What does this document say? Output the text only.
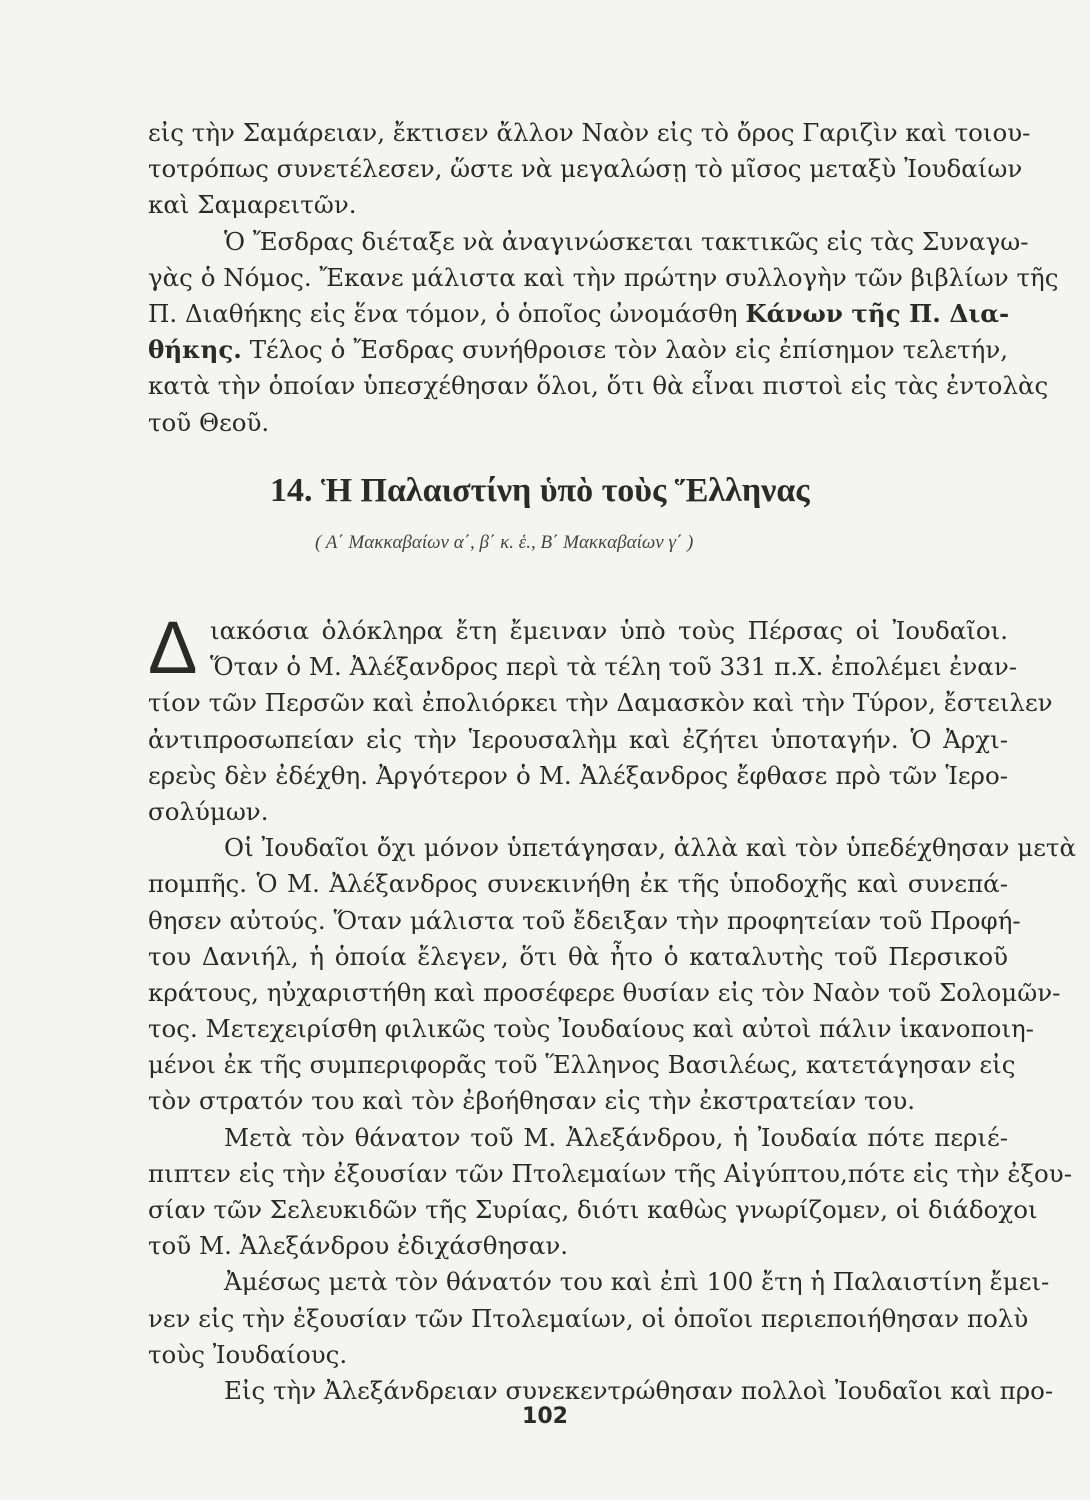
εἰς τὴν Σαμάρειαν, ἔκτισεν ἄλλον Ναὸν εἰς τὸ ὄρος Γαριζὶν καὶ τοιου-
τοτρόπως συνετέλεσεν, ὥστε νὰ μεγαλώσῃ τὸ μῖσος μεταξὺ Ἰουδαίων
καὶ Σαμαρειτῶν.
Ὁ Ἔσδρας διέταξε νὰ ἀναγινώσκεται τακτικῶς εἰς τὰς Συναγω-
γὰς ὁ Νόμος. Ἔκανε μάλιστα καὶ τὴν πρώτην συλλογὴν τῶν βιβλίων τῆς
Π. Διαθήκης εἰς ἕνα τόμον, ὁ ὁποῖος ὠνομάσθη Κάνων τῆς Π. Δια-
θήκης. Τέλος ὁ Ἔσδρας συνήθροισε τὸν λαὸν εἰς ἐπίσημον τελετήν,
κατὰ τὴν ὁποίαν ὑπεσχέθησαν ὅλοι, ὅτι θὰ εἶναι πιστοὶ εἰς τὰς ἐντολὰς
τοῦ Θεοῦ.
14. Ἡ Παλαιστίνη ὑπὸ τοὺς Ἕλληνας
( Α΄ Μακκαβαίων α΄, β΄ κ. ἑ., Β΄ Μακκαβαίων γ΄ )
Δ ιακόσια ὁλόκληρα ἔτη ἔμειναν ὑπὸ τοὺς Πέρσας οἱ Ἰουδαῖοι.
Ὅταν ὁ Μ. Ἀλέξανδρος περὶ τὰ τέλη τοῦ 331 π.Χ. ἐπολέμει ἐναν-
τίον τῶν Περσῶν καὶ ἐπολιόρκει τὴν Δαμασκὸν καὶ τὴν Τύρον, ἔστειλεν
ἀντιπροσωπείαν εἰς τὴν Ἱερουσαλὴμ καὶ ἐζήτει ὑποταγήν. Ὁ Ἀρχι-
ερεὺς δὲν ἐδέχθη. Ἀργότερον ὁ Μ. Ἀλέξανδρος ἔφθασε πρὸ τῶν Ἱερο-
σολύμων.
Οἱ Ἰουδαῖοι ὄχι μόνον ὑπετάγησαν, ἀλλὰ καὶ τὸν ὑπεδέχθησαν μετὰ
πομπῆς. Ὁ Μ. Ἀλέξανδρος συνεκινήθη ἐκ τῆς ὑποδοχῆς καὶ συνεπά-
θησεν αὐτούς. Ὅταν μάλιστα τοῦ ἔδειξαν τὴν προφητείαν τοῦ Προφή-
του Δανιήλ, ἡ ὁποία ἔλεγεν, ὅτι θὰ ἦτο ὁ καταλυτὴς τοῦ Περσικοῦ
κράτους, ηὐχαριστήθη καὶ προσέφερε θυσίαν εἰς τὸν Ναὸν τοῦ Σολομῶν-
τος. Μετεχειρίσθη φιλικῶς τοὺς Ἰουδαίους καὶ αὐτοὶ πάλιν ἱκανοποιη-
μένοι ἐκ τῆς συμπεριφορᾶς τοῦ Ἕλληνος Βασιλέως, κατετάγησαν εἰς
τὸν στρατόν του καὶ τὸν ἐβοήθησαν εἰς τὴν ἐκστρατείαν του.
Μετὰ τὸν θάνατον τοῦ Μ. Ἀλεξάνδρου, ἡ Ἰουδαία πότε περιέ-
πιπτεν εἰς τὴν ἐξουσίαν τῶν Πτολεμαίων τῆς Αἰγύπτου,πότε εἰς τὴν ἐξου-
σίαν τῶν Σελευκιδῶν τῆς Συρίας, διότι καθὼς γνωρίζομεν, οἱ διάδοχοι
τοῦ Μ. Ἀλεξάνδρου ἐδιχάσθησαν.
Ἀμέσως μετὰ τὸν θάνατόν του καὶ ἐπὶ 100 ἔτη ἡ Παλαιστίνη ἔμει-
νεν εἰς τὴν ἐξουσίαν τῶν Πτολεμαίων, οἱ ὁποῖοι περιεποιήθησαν πολὺ
τοὺς Ἰουδαίους.
Εἰς τὴν Ἀλεξάνδρειαν συνεκεντρώθησαν πολλοὶ Ἰουδαῖοι καὶ προ-
102
